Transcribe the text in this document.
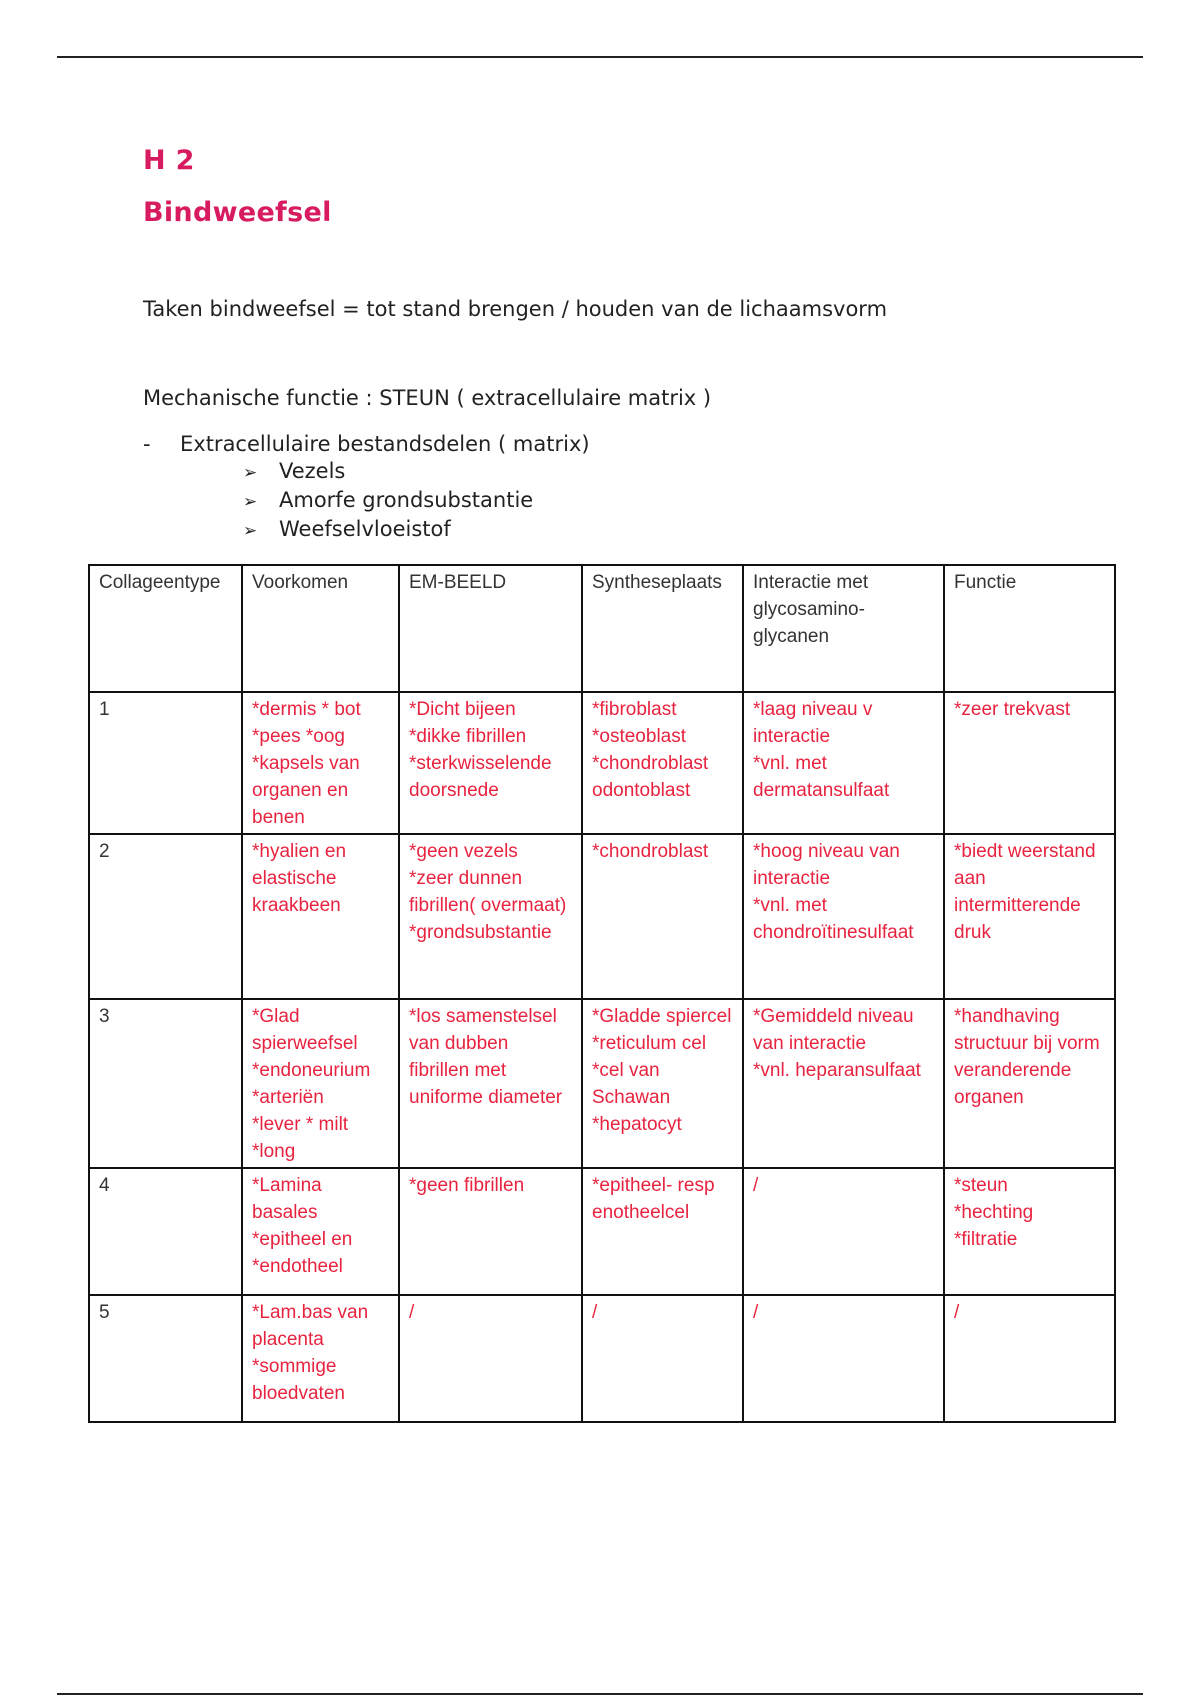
H 2
Bindweefsel

Taken bindweefsel = tot stand brengen / houden van de lichaamsvorm

Mechanische functie : STEUN ( extracellulaire matrix )

- Extracellulaire bestandsdelen ( matrix)
➢ Vezels
➢ Amorfe grondsubstantie
➢ Weefselvloeistof
Collageentype	Voorkomen	EM-BEELD	Syntheseplaats	Interactie met glycosamino-glycanen	Functie
1	*dermis * bot
*pees *oog
*kapsels van organen en benen	*Dicht bijeen
*dikke fibrillen
*sterkwisselende doorsnede	*fibroblast
*osteoblast
*chondroblast
odontoblast	*laag niveau v interactie
*vnl. met dermatansulfaat	*zeer trekvast
2	*hyalien en elastische kraakbeen	*geen vezels
*zeer dunnen fibrillen( overmaat)
*grondsubstantie	*chondroblast	*hoog niveau van interactie
*vnl. met chondroïtinesulfaat	*biedt weerstand aan intermitterende druk
3	*Glad spierweefsel
*endoneurium
*arteriën
*lever * milt
*long	*los samenstelsel van dubben fibrillen met uniforme diameter	*Gladde spiercel
*reticulum cel
*cel van Schawan
*hepatocyt	*Gemiddeld niveau van interactie
*vnl. heparansulfaat	*handhaving structuur bij vorm veranderende organen
4	*Lamina basales
*epitheel en
*endotheel	*geen fibrillen	*epitheel- resp enotheelcel	/	*steun
*hechting
*filtratie
5	*Lam.bas van placenta
*sommige bloedvaten	/	/	/	/
